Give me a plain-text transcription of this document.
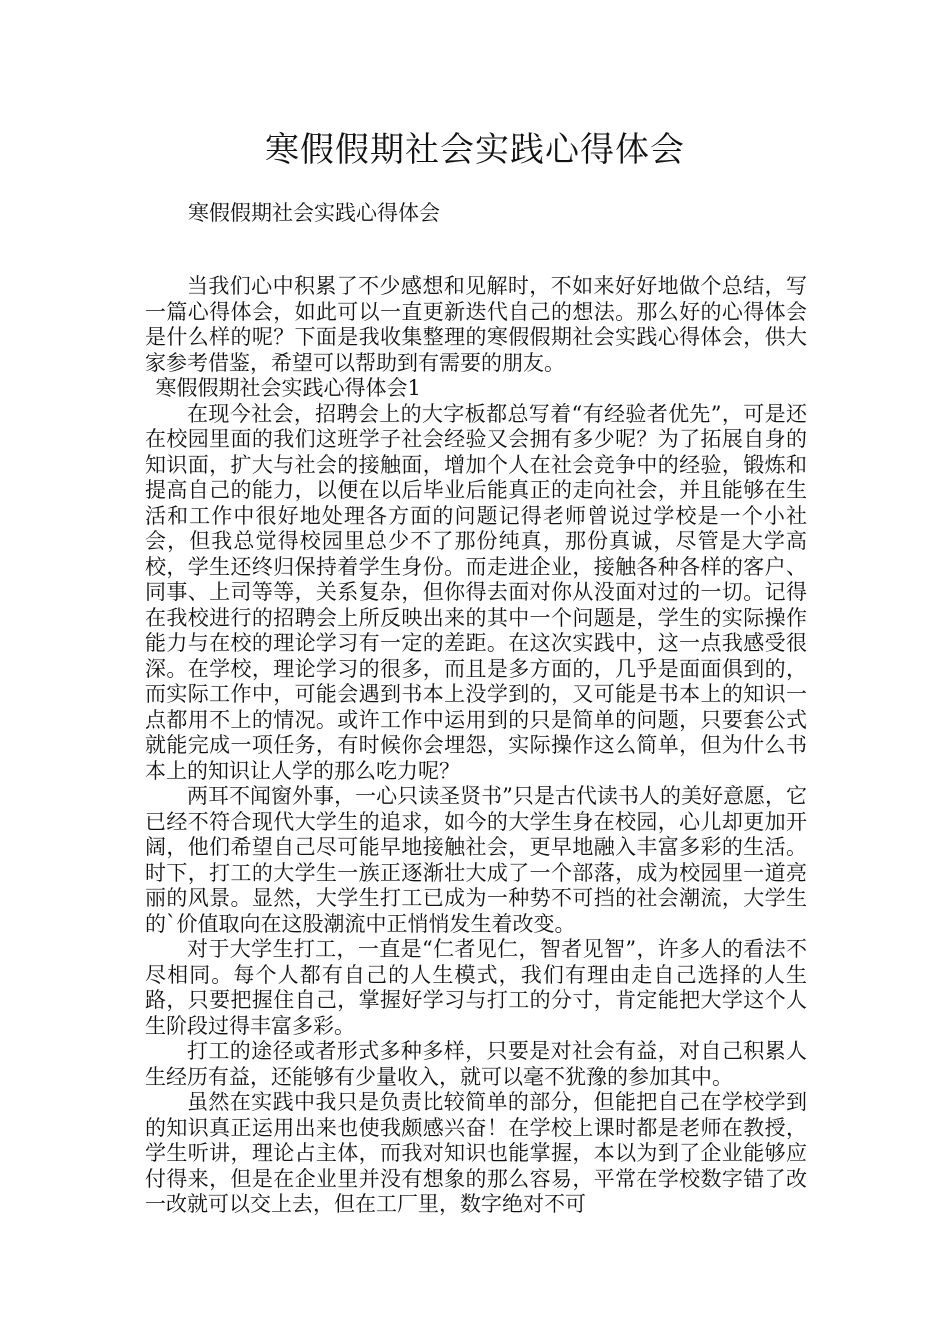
寒假假期社会实践心得体会
寒假假期社会实践心得体会

当我们心中积累了不少感想和见解时，不如来好好地做个总结，写一篇心得体会，如此可以一直更新迭代自己的想法。那么好的心得体会是什么样的呢？下面是我收集整理的寒假假期社会实践心得体会，供大家参考借鉴，希望可以帮助到有需要的朋友。

寒假假期社会实践心得体会1

在现今社会，招聘会上的大字板都总写着“有经验者优先”，可是还在校园里面的我们这班学子社会经验又会拥有多少呢？为了拓展自身的知识面，扩大与社会的接触面，增加个人在社会竞争中的经验，锻炼和提高自己的能力，以便在以后毕业后能真正的走向社会，并且能够在生活和工作中很好地处理各方面的问题记得老师曾说过学校是一个小社会，但我总觉得校园里总少不了那份纯真，那份真诚，尽管是大学高校，学生还终归保持着学生身份。而走进企业，接触各种各样的客户、同事、上司等等，关系复杂，但你得去面对你从没面对过的一切。记得在我校进行的招聘会上所反映出来的其中一个问题是，学生的实际操作能力与在校的理论学习有一定的差距。在这次实践中，这一点我感受很深。在学校，理论学习的很多，而且是多方面的，几乎是面面俱到的，而实际工作中，可能会遇到书本上没学到的，又可能是书本上的知识一点都用不上的情况。或许工作中运用到的只是简单的问题，只要套公式就能完成一项任务，有时候你会埋怨，实际操作这么简单，但为什么书本上的知识让人学的那么吃力呢？

两耳不闻窗外事，一心只读圣贤书”只是古代读书人的美好意愿，它已经不符合现代大学生的追求，如今的大学生身在校园，心儿却更加开阔，他们希望自己尽可能早地接触社会，更早地融入丰富多彩的生活。时下，打工的大学生一族正逐渐壮大成了一个部落，成为校园里一道亮丽的风景。显然，大学生打工已成为一种势不可挡的社会潮流，大学生的`价值取向在这股潮流中正悄悄发生着改变。

对于大学生打工，一直是“仁者见仁，智者见智”，许多人的看法不尽相同。每个人都有自己的人生模式，我们有理由走自己选择的人生路，只要把握住自己，掌握好学习与打工的分寸，肯定能把大学这个人生阶段过得丰富多彩。

打工的途径或者形式多种多样，只要是对社会有益，对自己积累人生经历有益，还能够有少量收入，就可以毫不犹豫的参加其中。

虽然在实践中我只是负责比较简单的部分，但能把自己在学校学到的知识真正运用出来也使我颇感兴奋！在学校上课时都是老师在教授，学生听讲，理论占主体，而我对知识也能掌握，本以为到了企业能够应付得来，但是在企业里并没有想象的那么容易，平常在学校数字错了改一改就可以交上去，但在工厂里，数字绝对不可
